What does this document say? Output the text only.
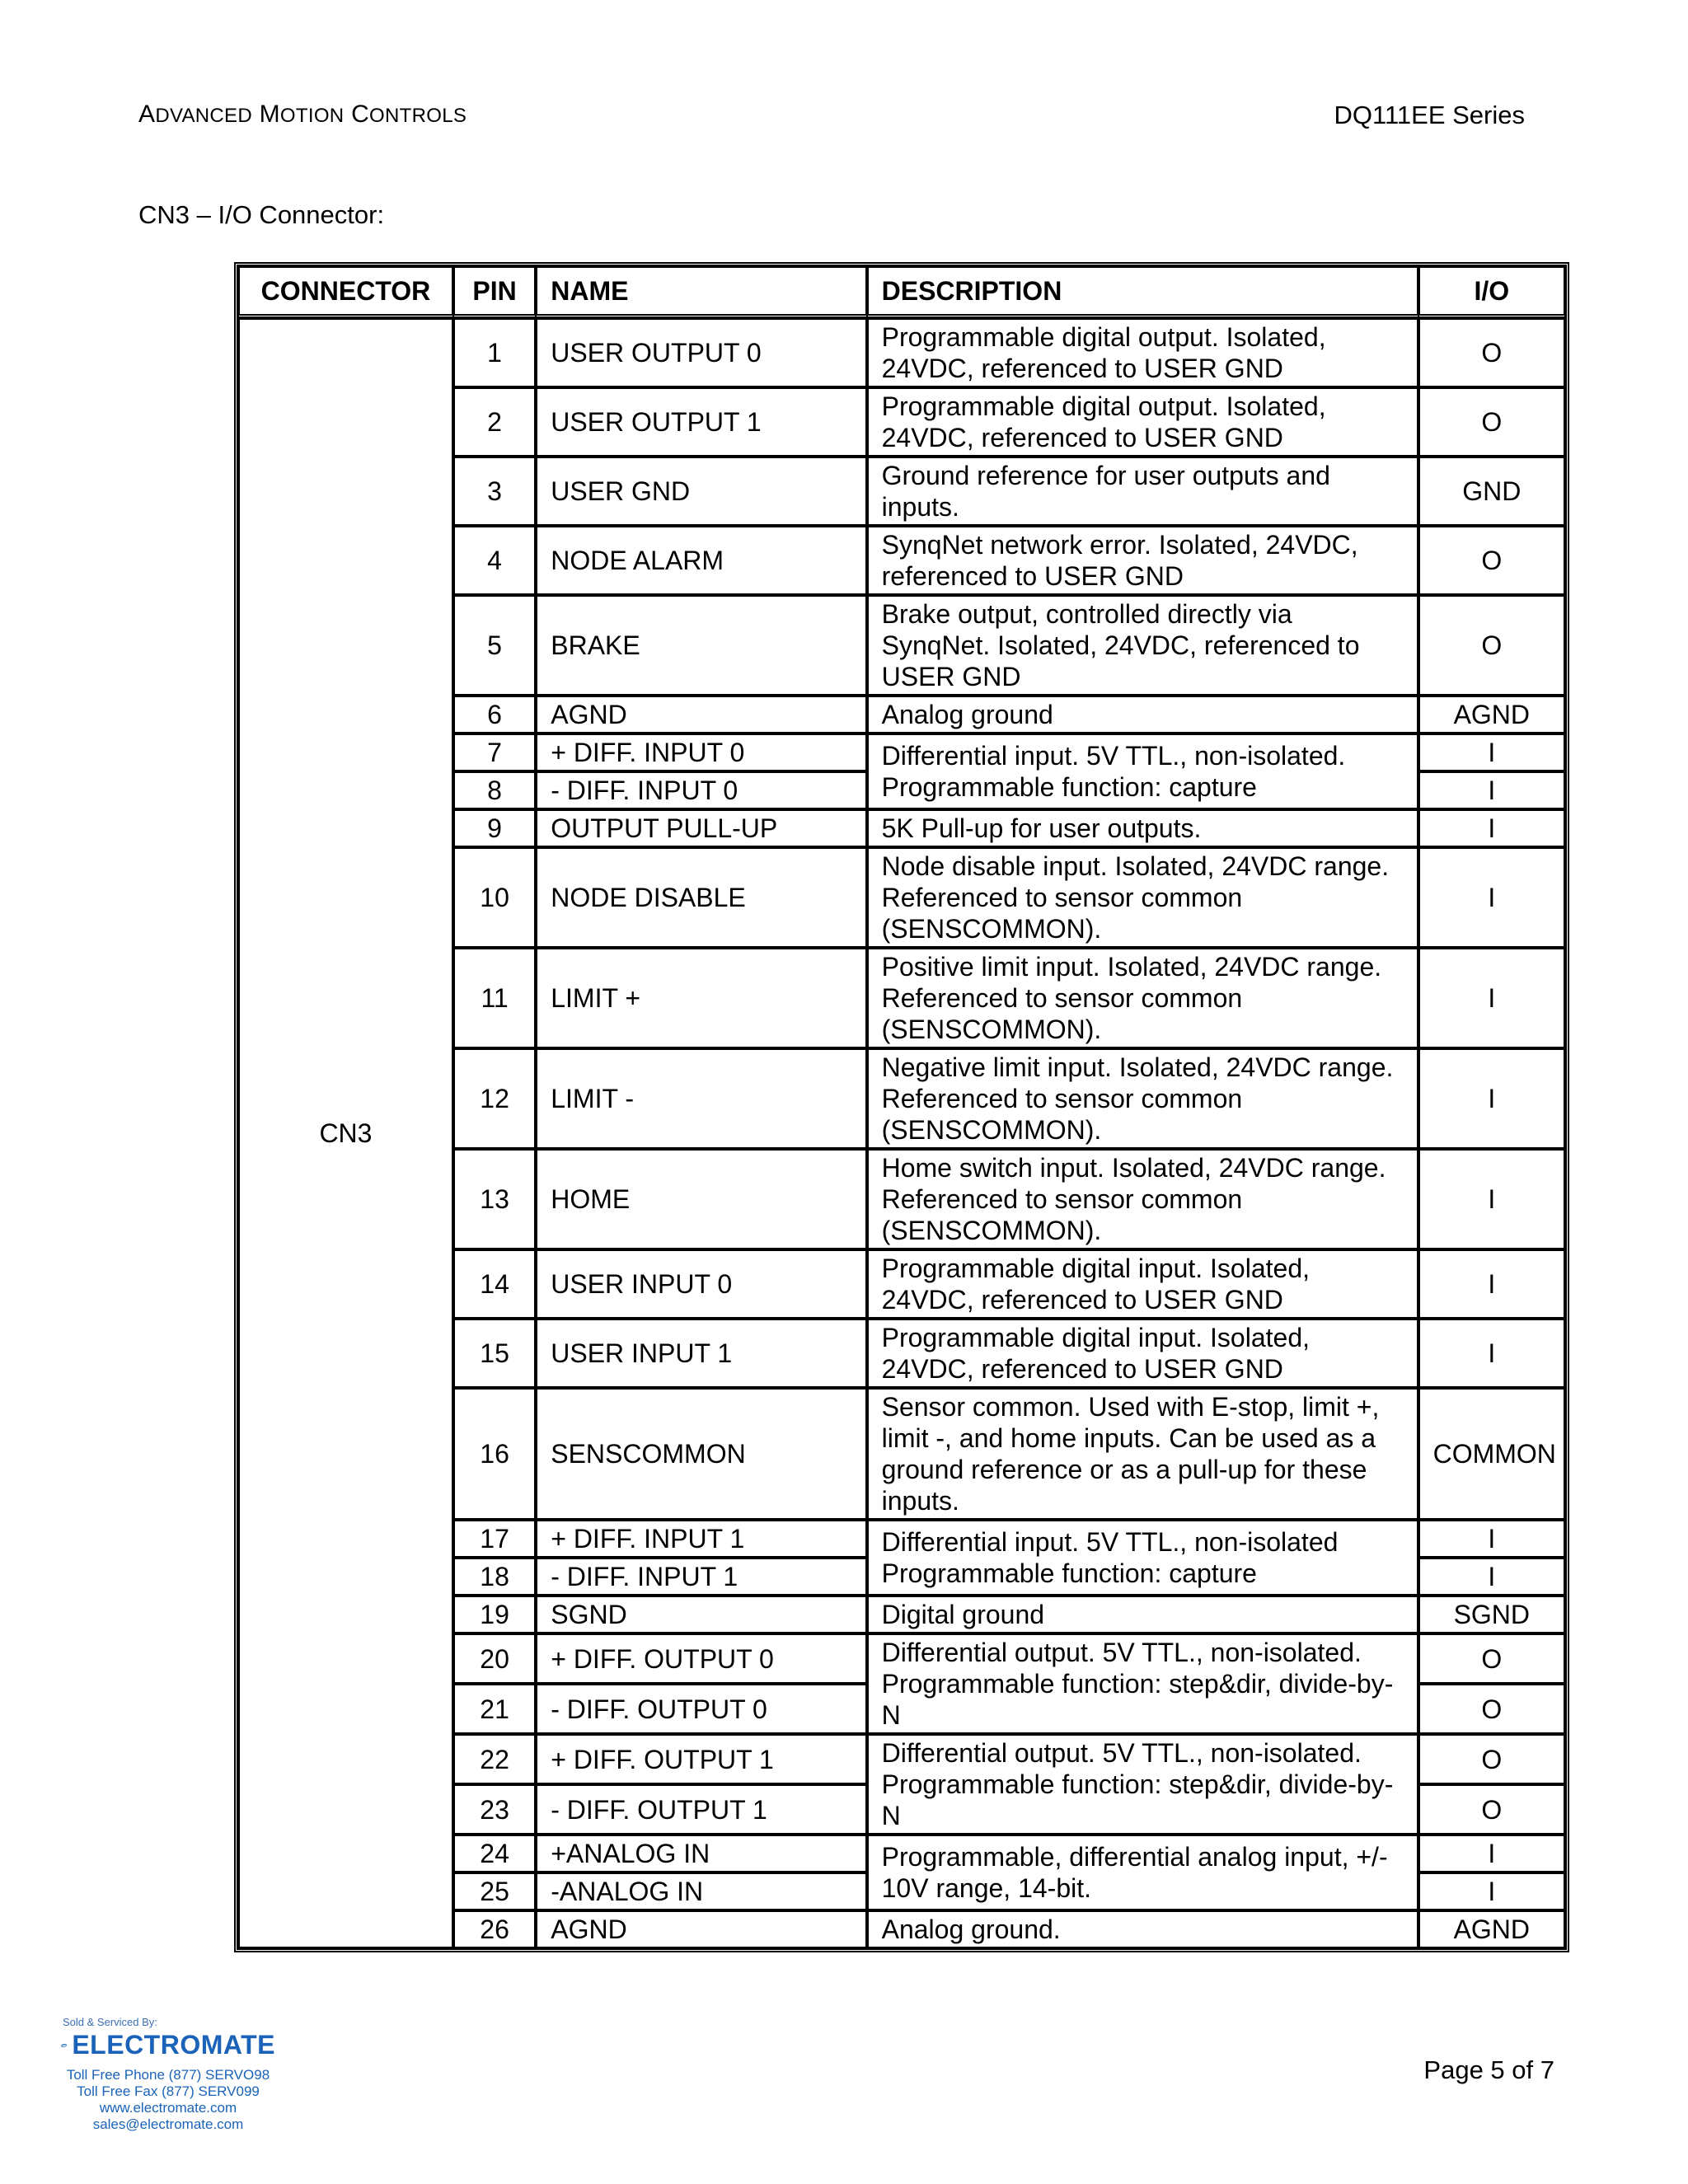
ADVANCED MOTION CONTROLS	DQ111EE Series
CN3 – I/O Connector:
CONNECTOR	PIN	NAME	DESCRIPTION	I/O
CN3	1	USER OUTPUT 0	Programmable digital output. Isolated, 24VDC, referenced to USER GND	O
	2	USER OUTPUT 1	Programmable digital output. Isolated, 24VDC, referenced to USER GND	O
	3	USER GND	Ground reference for user outputs and inputs.	GND
	4	NODE ALARM	SynqNet network error. Isolated, 24VDC, referenced to USER GND	O
	5	BRAKE	Brake output, controlled directly via SynqNet. Isolated, 24VDC, referenced to USER GND	O
	6	AGND	Analog ground	AGND
	7	+ DIFF. INPUT 0	Differential input. 5V TTL., non-isolated. Programmable function: capture	I
	8	- DIFF. INPUT 0		I
	9	OUTPUT PULL-UP	5K Pull-up for user outputs.	I
	10	NODE DISABLE	Node disable input. Isolated, 24VDC range. Referenced to sensor common (SENSCOMMON).	I
	11	LIMIT +	Positive limit input. Isolated, 24VDC range. Referenced to sensor common (SENSCOMMON).	I
	12	LIMIT -	Negative limit input. Isolated, 24VDC range. Referenced to sensor common (SENSCOMMON).	I
	13	HOME	Home switch input. Isolated, 24VDC range. Referenced to sensor common (SENSCOMMON).	I
	14	USER INPUT 0	Programmable digital input. Isolated, 24VDC, referenced to USER GND	I
	15	USER INPUT 1	Programmable digital input. Isolated, 24VDC, referenced to USER GND	I
	16	SENSCOMMON	Sensor common. Used with E-stop, limit +, limit -, and home inputs. Can be used as a ground reference or as a pull-up for these inputs.	COMMON
	17	+ DIFF. INPUT 1	Differential input. 5V TTL., non-isolated Programmable function: capture	I
	18	- DIFF. INPUT 1		I
	19	SGND	Digital ground	SGND
	20	+ DIFF. OUTPUT 0	Differential output. 5V TTL., non-isolated. Programmable function: step&dir, divide-by-N	O
	21	- DIFF. OUTPUT 0		O
	22	+ DIFF. OUTPUT 1	Differential output. 5V TTL., non-isolated. Programmable function: step&dir, divide-by-N	O
	23	- DIFF. OUTPUT 1		O
	24	+ANALOG IN	Programmable, differential analog input, +/- 10V range, 14-bit.	I
	25	-ANALOG IN		I
	26	AGND	Analog ground.	AGND
Sold & Serviced By:
ELECTROMATE
Toll Free Phone (877) SERVO98
Toll Free Fax (877) SERV099
www.electromate.com
sales@electromate.com
Page 5 of 7
